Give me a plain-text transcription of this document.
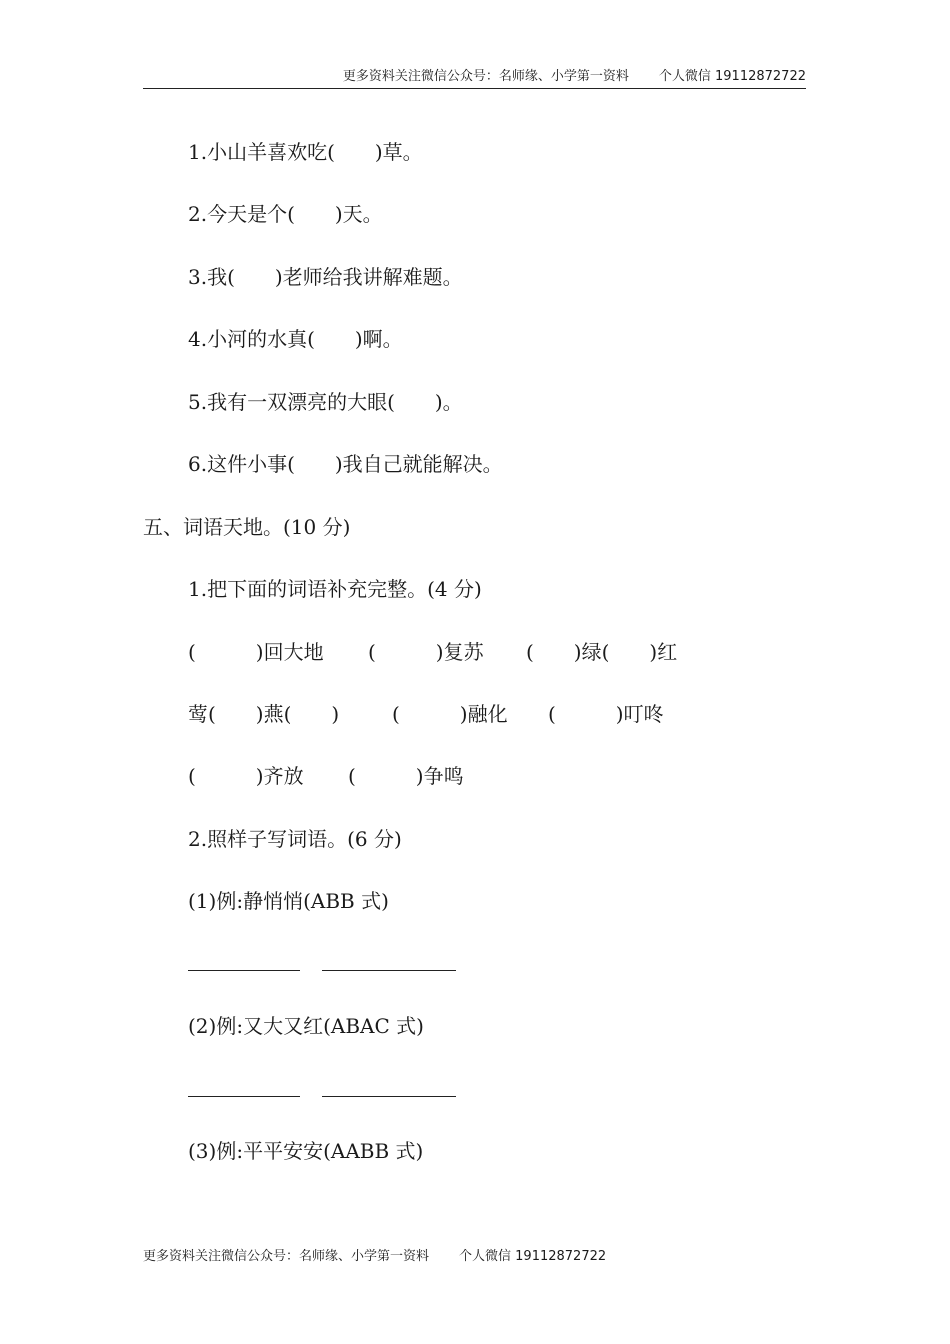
更多资料关注微信公众号：名师缘、小学第一资料 个人微信 19112872722
1.小山羊喜欢吃(　　)草。
2.今天是个(　　)天。
3.我(　　)老师给我讲解难题。
4.小河的水真(　　)啊。
5.我有一双漂亮的大眼(　　)。
6.这件小事(　　)我自己就能解决。
五、词语天地。(10 分)
1.把下面的词语补充完整。(4 分)
(　　　)回大地 (　　　)复苏 (　　)绿(　　)红
莺(　　)燕(　　)	(　　　)融化 (　　　)叮咚
(　　　)齐放 (　　　)争鸣
2.照样子写词语。(6 分)
(1)例:静悄悄(ABB 式)
(2)例:又大又红(ABAC 式)
(3)例:平平安安(AABB 式)
更多资料关注微信公众号：名师缘、小学第一资料 个人微信 19112872722
